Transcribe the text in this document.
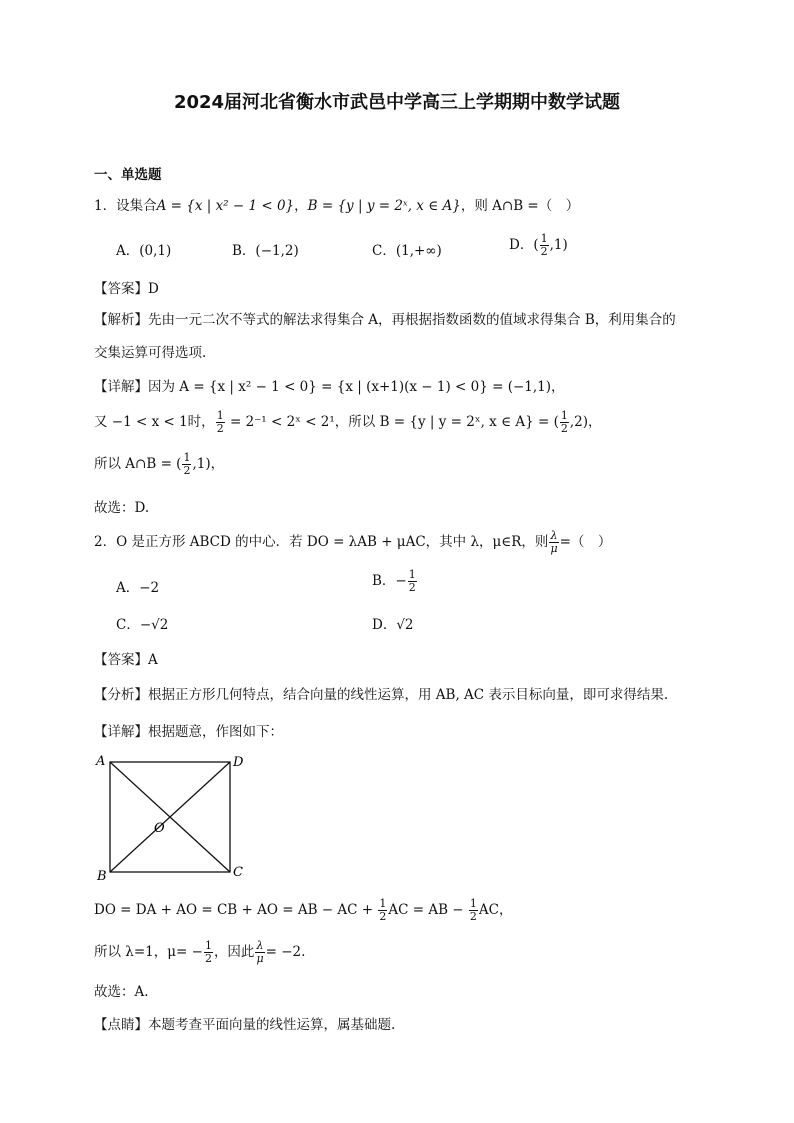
2024届河北省衡水市武邑中学高三上学期期中数学试题
一、单选题
1．设集合A = {x | x² − 1 < 0}，B = {y | y = 2ˣ, x ∈ A}，则 A∩B =（　）
A．(0,1)	B．(−1,2)	C．(1,+∞)	D．( $\frac{1}{2} ,1$)
【答案】D
【解析】先由一元二次不等式的解法求得集合 A，再根据指数函数的值域求得集合 B，利用集合的
交集运算可得选项.
【详解】因为 A = {x | x² − 1 < 0} = {x | (x+1)(x − 1) < 0} = (−1,1)，
又 −1 < x < 1时， $\frac{1}{2} = 2^{-1}$ < 2ˣ < 2¹，所以 B = {y | y = 2ˣ, x ∈ A} = ( $\frac{1}{2} ,2$)，
所以 A∩B = ( $\frac{1}{2} ,1$)，
故选：D.
2．O 是正方形 ABCD 的中心．若 DO = λAB + μAC，其中 λ，μ∈R，则 $\frac{\lambda}{\mu}$ =（　）
A．−2	B．− $\frac{1}{2}$
C．−√2	D．√2
【答案】A
【分析】根据正方形几何特点，结合向量的线性运算，用 AB, AC 表示目标向量，即可求得结果.
【详解】根据题意，作图如下：
A	D
B	C
O
DO = DA + AO = CB + AO = AB − AC + $\frac{1}{2}$ AC = AB − $\frac{1}{2}$ AC，
所以 λ=1，$\mu= - \frac{1}{2}$ ，因此 $\frac{\lambda}{\mu} = -2$.
故选：A.
【点睛】本题考查平面向量的线性运算，属基础题.
